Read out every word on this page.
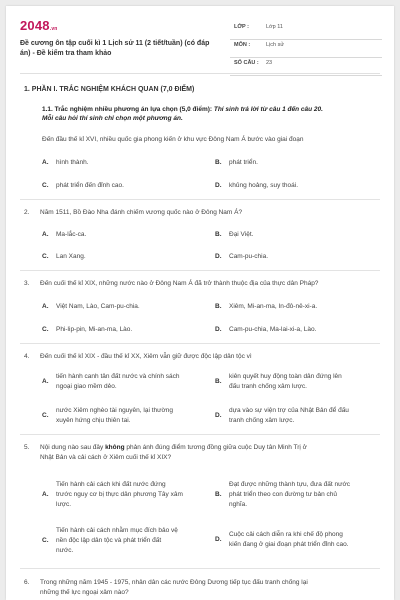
2048.vn
Đề cương ôn tập cuối kì 1 Lịch sử 11 (2 tiết/tuần) (có đáp án) - Đề kiểm tra tham khảo
LỚP :	Lớp 11
MÔN :	Lịch sử
SỐ CÂU : 23
1. PHẦN I. TRẮC NGHIỆM KHÁCH QUAN (7,0 ĐIỂM)
1.1. Trắc nghiệm nhiều phương án lựa chọn (5,0 điểm): Thí sinh trả lời từ câu 1 đến câu 20.
Mỗi câu hỏi thí sinh chỉ chọn một phương án.
Đến đầu thế kỉ XVI, nhiều quốc gia phong kiến ở khu vực Đông Nam Á bước vào giai đoạn
A. hình thành.	B. phát triển.
C. phát triển đến đỉnh cao.	D. khủng hoảng, suy thoái.
2.	Năm 1511, Bồ Đào Nha đánh chiếm vương quốc nào ở Đông Nam Á?
A. Ma-lắc-ca.	B. Đại Việt.
C. Lan Xang.	D. Cam-pu-chia.
3.	Đến cuối thế kỉ XIX, những nước nào ở Đông Nam Á đã trở thành thuộc địa của thực dân Pháp?
A. Việt Nam, Lào, Cam-pu-chia.	B. Xiêm, Mi-an-ma, In-đô-nê-xi-a.
C. Phi-lip-pin, Mi-an-ma, Lào.	D. Cam-pu-chia, Ma-lai-xi-a, Lào.
4.	Đến cuối thế kỉ XIX - đầu thế kỉ XX, Xiêm vẫn giữ được độc lập dân tộc vì
A.
tiến hành canh tân đất nước và chính sách
ngoại giao mềm dẻo.
B.
kiên quyết huy động toàn dân đứng lên
đấu tranh chống xâm lược.
C.
nước Xiêm nghèo tài nguyên, lại thường
xuyên hứng chịu thiên tai.
D.
dựa vào sự viện trợ của Nhật Bản để đấu
tranh chống xâm lược.
5.	Nội dung nào sau đây không phản ánh đúng điểm tương đồng giữa cuộc Duy tân Minh Trị ở
Nhật Bản và cải cách ở Xiêm cuối thế kỉ XIX?
A.
Tiến hành cải cách khi đất nước đứng
trước nguy cơ bị thực dân phương Tây xâm
lược.
B.
Đạt được những thành tựu, đưa đất nước
phát triển theo con đường tư bản chủ
nghĩa.
C.
Tiến hành cải cách nhằm mục đích bảo vệ
nền độc lập dân tộc và phát triển đất
nước.
D.
Cuộc cải cách diễn ra khi chế độ phong
kiến đang ở giai đoạn phát triển đỉnh cao.
6.	Trong những năm 1945 - 1975, nhân dân các nước Đông Dương tiếp tục đấu tranh chống lại
những thế lực ngoại xâm nào?
